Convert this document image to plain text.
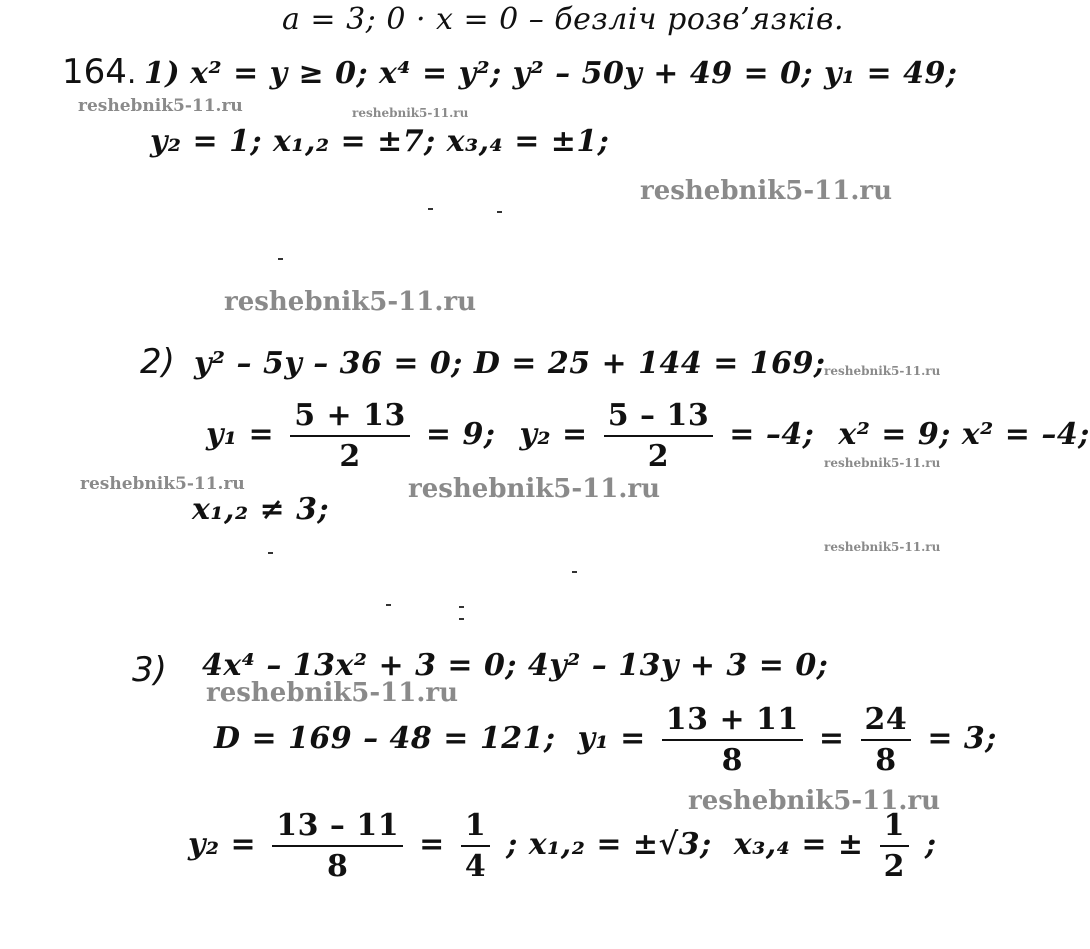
a = 3; 0 · x = 0 – безліч розв’язків.
164. 1) x² = y ≥ 0; x⁴ = y²; y² – 50y + 49 = 0; y₁ = 49;
reshebnik5-11.ru	reshebnik5-11.ru
y₂ = 1; x₁,₂ = ±7; x₃,₄ = ±1;
reshebnik5-11.ru
reshebnik5-11.ru
2) y² – 5y – 36 = 0; D = 25 + 144 = 169;
reshebnik5-11.ru
$y_1 = \frac{5 + 13}{2} = 9$; $y_2 = \frac{5 - 13}{2} = -4$; x² = 9; x² = –4;
reshebnik5-11.ru
reshebnik5-11.ru	reshebnik5-11.ru
x₁,₂ ≠ 3;
reshebnik5-11.ru
3) 4x⁴ – 13x² + 3 = 0; 4y² – 13y + 3 = 0;
reshebnik5-11.ru
D = 169 – 48 = 121; $y_1 = \frac{13 + 11}{8} = \frac{24}{8} = 3$;
reshebnik5-11.ru
$y_2 = \frac{13 - 11}{8} = \frac{1}{4}$ ; x₁,₂ = ±√3; x₃,₄ = ± $\frac{1}{2}$ ;
